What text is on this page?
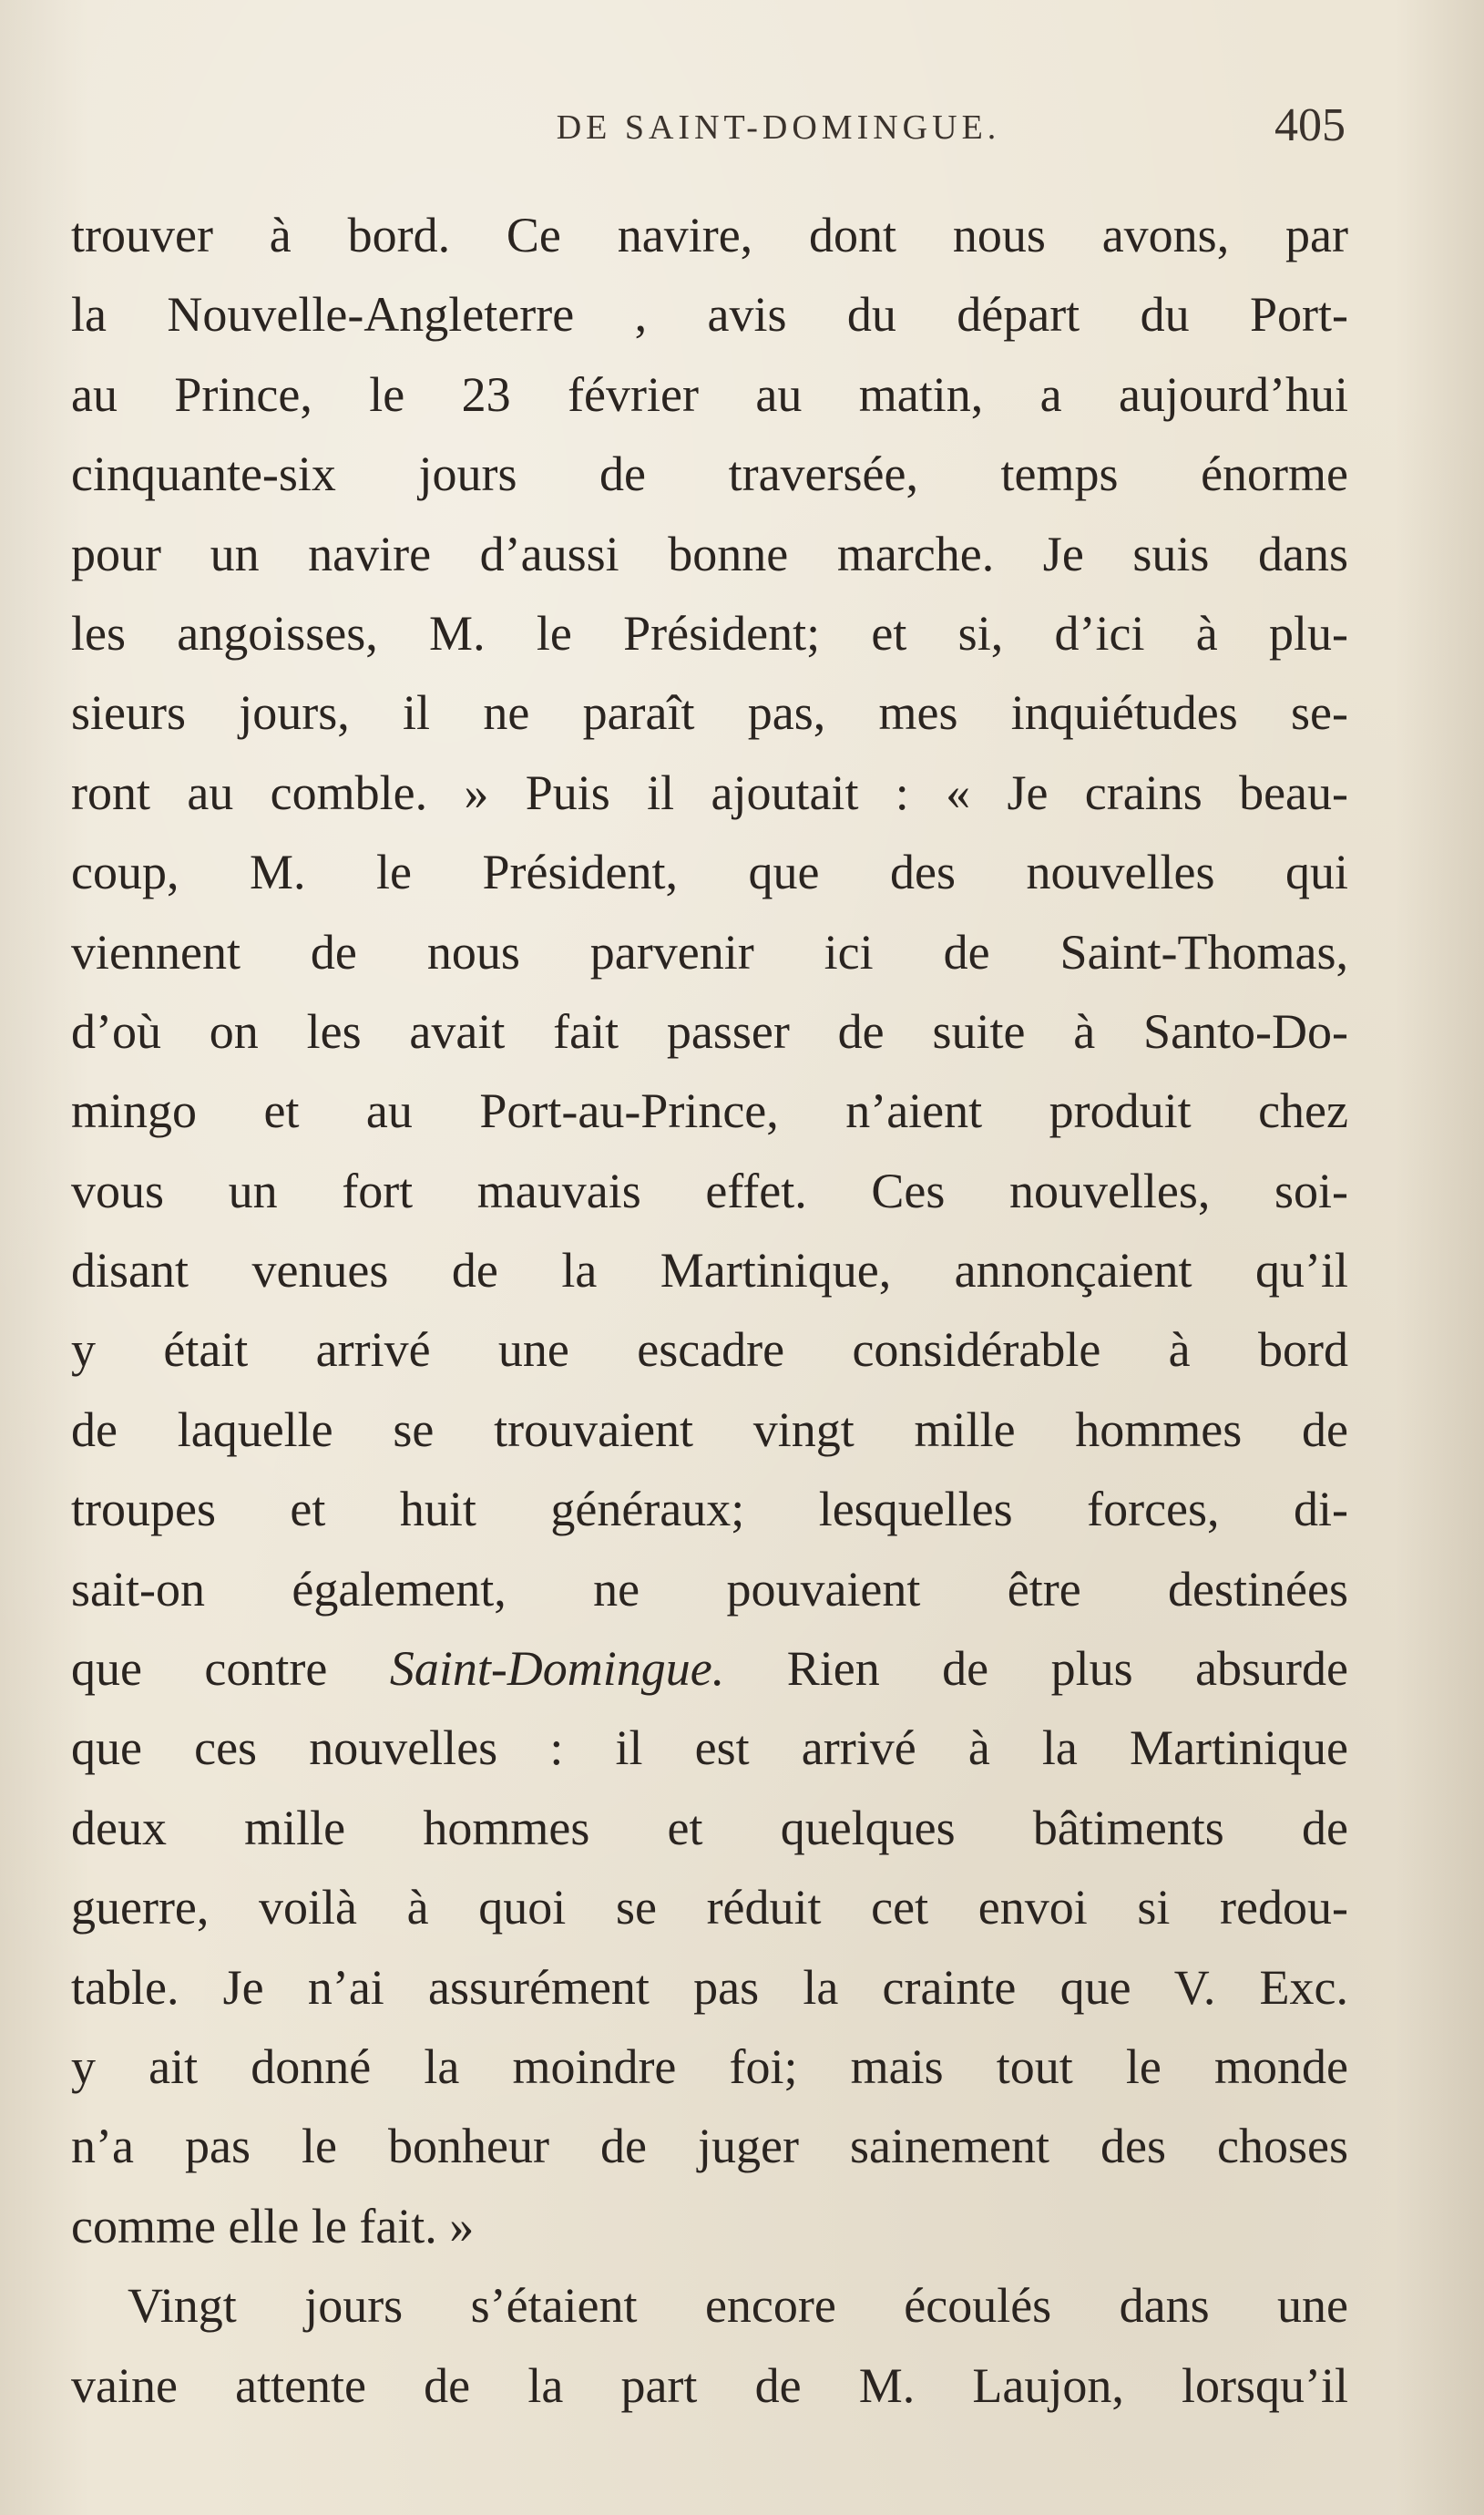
DE SAINT-DOMINGUE.	405
trouver à bord. Ce navire, dont nous avons, par
la Nouvelle-Angleterre , avis du départ du Port-
au Prince, le 23 février au matin, a aujourd’hui
cinquante-six jours de traversée, temps énorme
pour un navire d’aussi bonne marche. Je suis dans
les angoisses, M. le Président; et si, d’ici à plu-
sieurs jours, il ne paraît pas, mes inquiétudes se-
ront au comble. » Puis il ajoutait : « Je crains beau-
coup, M. le Président, que des nouvelles qui
viennent de nous parvenir ici de Saint-Thomas,
d’où on les avait fait passer de suite à Santo-Do-
mingo et au Port-au-Prince, n’aient produit chez
vous un fort mauvais effet. Ces nouvelles, soi-
disant venues de la Martinique, annonçaient qu’il
y était arrivé une escadre considérable à bord
de laquelle se trouvaient vingt mille hommes de
troupes et huit généraux; lesquelles forces, di-
sait-on également, ne pouvaient être destinées
que contre Saint-Domingue. Rien de plus absurde
que ces nouvelles : il est arrivé à la Martinique
deux mille hommes et quelques bâtiments de
guerre, voilà à quoi se réduit cet envoi si redou-
table. Je n’ai assurément pas la crainte que V. Exc.
y ait donné la moindre foi; mais tout le monde
n’a pas le bonheur de juger sainement des choses
comme elle le fait. »
Vingt jours s’étaient encore écoulés dans une
vaine attente de la part de M. Laujon, lorsqu’il
